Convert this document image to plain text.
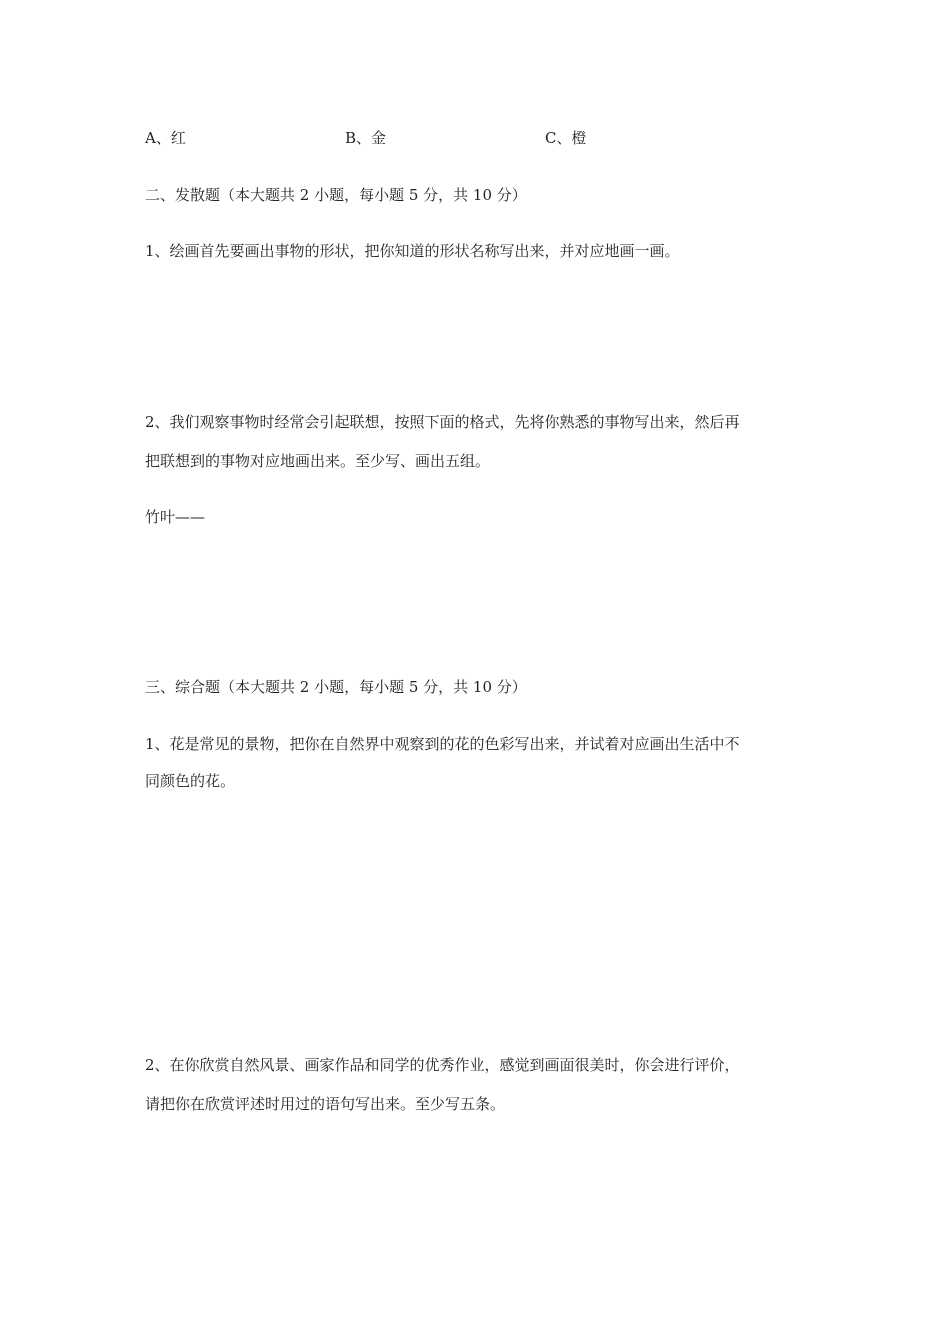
A、红	B、金	C、橙
二、发散题（本大题共 2 小题，每小题 5 分，共 10 分）
1、绘画首先要画出事物的形状，把你知道的形状名称写出来，并对应地画一画。
2、我们观察事物时经常会引起联想，按照下面的格式，先将你熟悉的事物写出来，然后再
把联想到的事物对应地画出来。至少写、画出五组。
竹叶——
三、综合题（本大题共 2 小题，每小题 5 分，共 10 分）
1、花是常见的景物，把你在自然界中观察到的花的色彩写出来，并试着对应画出生活中不
同颜色的花。
2、在你欣赏自然风景、画家作品和同学的优秀作业，感觉到画面很美时，你会进行评价，
请把你在欣赏评述时用过的语句写出来。至少写五条。
